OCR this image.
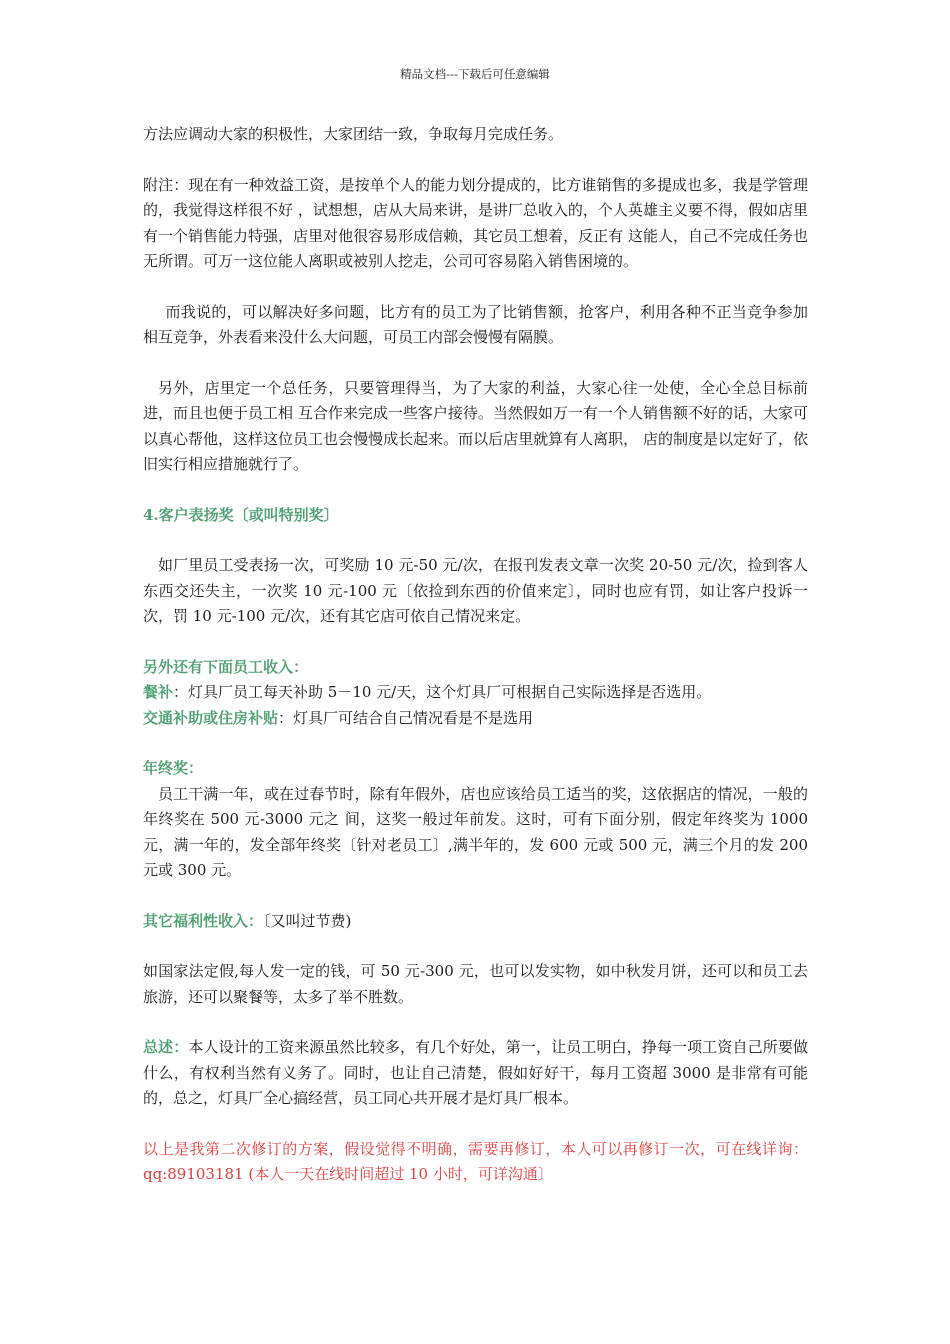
精品文档---下载后可任意编辑

方法应调动大家的积极性，大家团结一致，争取每月完成任务。

附注：现在有一种效益工资，是按单个人的能力划分提成的，比方谁销售的多提成也多，我是学管理的，我觉得这样很不好 ，试想想，店从大局来讲，是讲厂总收入的，个人英雄主义要不得，假如店里有一个销售能力特强，店里对他很容易形成信赖，其它员工想着，反正有 这能人，自己不完成任务也无所谓。可万一这位能人离职或被别人挖走，公司可容易陷入销售困境的。

而我说的，可以解决好多问题，比方有的员工为了比销售额，抢客户，利用各种不正当竞争参加相互竞争，外表看来没什么大问题，可员工内部会慢慢有隔膜。

另外，店里定一个总任务，只要管理得当，为了大家的利益，大家心往一处使，全心全总目标前进，而且也便于员工相 互合作来完成一些客户接待。当然假如万一有一个人销售额不好的话，大家可以真心帮他，这样这位员工也会慢慢成长起来。而以后店里就算有人离职， 店的制度是以定好了，依旧实行相应措施就行了。

4.客户表扬奖〔或叫特别奖〕

如厂里员工受表扬一次，可奖励 10 元-50 元/次，在报刊发表文章一次奖 20-50 元/次，捡到客人东西交还失主，一次奖 10 元-100 元〔依捡到东西的价值来定〕，同时也应有罚，如让客户投诉一次，罚 10 元-100 元/次，还有其它店可依自己情况来定。

另外还有下面员工收入：

餐补：灯具厂员工每天补助 5－10 元/天，这个灯具厂可根据自己实际选择是否选用。

交通补助或住房补贴：灯具厂可结合自己情况看是不是选用

年终奖：

员工干满一年，或在过春节时，除有年假外，店也应该给员工适当的奖，这依据店的情况，一般的年终奖在 500 元-3000 元之 间，这奖一般过年前发。这时，可有下面分别，假定年终奖为 1000 元，满一年的，发全部年终奖〔针对老员工〕,满半年的，发 600 元或 500 元，满三个月的发 200 元或 300 元。

其它福利性收入：〔又叫过节费)

如国家法定假,每人发一定的钱，可 50 元-300 元，也可以发实物，如中秋发月饼，还可以和员工去旅游，还可以聚餐等，太多了举不胜数。

总述：本人设计的工资来源虽然比较多，有几个好处，第一，让员工明白，挣每一项工资自己所要做什么，有权利当然有义务了。同时，也让自己清楚，假如好好干，每月工资超 3000 是非常有可能的，总之，灯具厂全心搞经营，员工同心共开展才是灯具厂根本。

以上是我第二次修订的方案，假设觉得不明确，需要再修订，本人可以再修订一次，可在线详询：qq:89103181 (本人一天在线时间超过 10 小时，可详沟通〕
